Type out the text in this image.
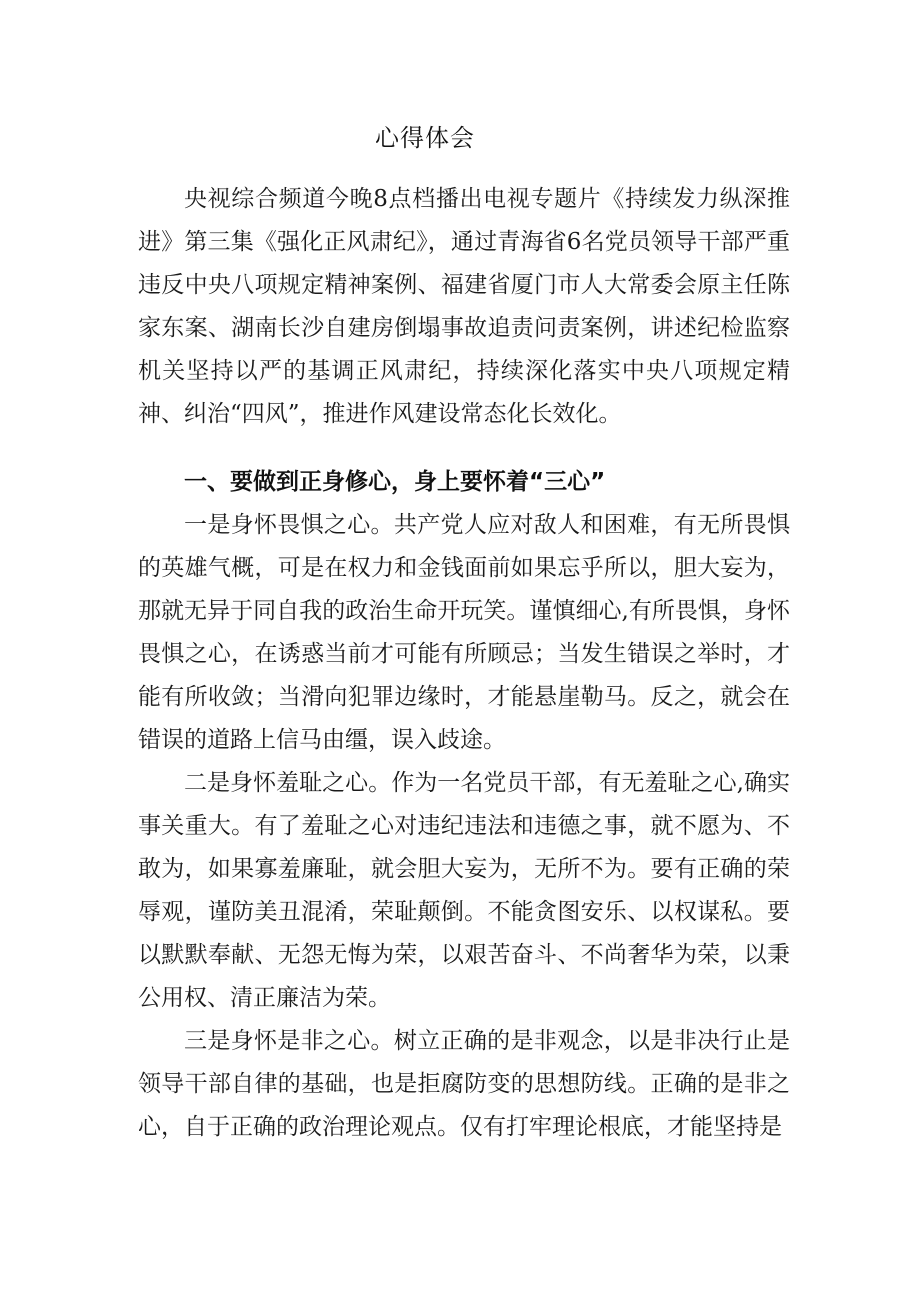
心得体会

央视综合频道今晚8点档播出电视专题片《持续发力纵深推进》第三集《强化正风肃纪》，通过青海省6名党员领导干部严重违反中央八项规定精神案例、福建省厦门市人大常委会原主任陈家东案、湖南长沙自建房倒塌事故追责问责案例，讲述纪检监察机关坚持以严的基调正风肃纪，持续深化落实中央八项规定精神、纠治“四风”，推进作风建设常态化长效化。

一、要做到正身修心，身上要怀着“三心”

一是身怀畏惧之心。共产党人应对敌人和困难，有无所畏惧的英雄气概，可是在权力和金钱面前如果忘乎所以，胆大妄为，那就无异于同自我的政治生命开玩笑。谨慎细心,有所畏惧，身怀畏惧之心，在诱惑当前才可能有所顾忌；当发生错误之举时，才能有所收敛；当滑向犯罪边缘时，才能悬崖勒马。反之，就会在错误的道路上信马由缰，误入歧途。

二是身怀羞耻之心。作为一名党员干部，有无羞耻之心,确实事关重大。有了羞耻之心对违纪违法和违德之事，就不愿为、不敢为，如果寡羞廉耻，就会胆大妄为，无所不为。要有正确的荣辱观，谨防美丑混淆，荣耻颠倒。不能贪图安乐、以权谋私。要以默默奉献、无怨无悔为荣，以艰苦奋斗、不尚奢华为荣，以秉公用权、清正廉洁为荣。

三是身怀是非之心。树立正确的是非观念，以是非决行止是领导干部自律的基础，也是拒腐防变的思想防线。正确的是非之心，自于正确的政治理论观点。仅有打牢理论根底，才能坚持是
